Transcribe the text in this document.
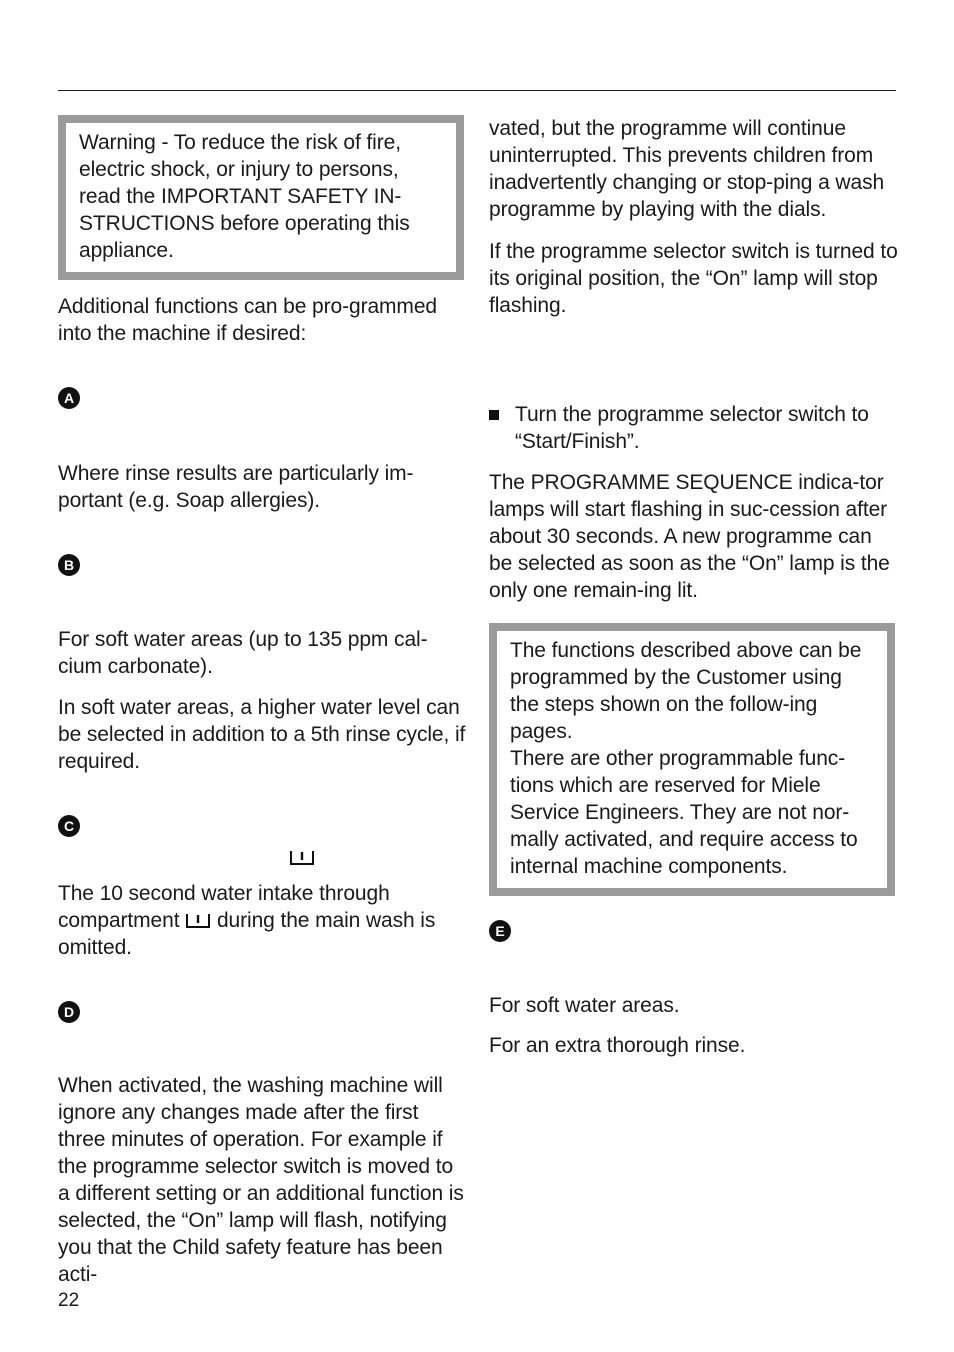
Warning - To reduce the risk of fire, electric shock, or injury to persons, read the IMPORTANT SAFETY IN-STRUCTIONS before operating this appliance.

Additional functions can be pro-grammed into the machine if desired:

A

Where rinse results are particularly im-portant (e.g. Soap allergies).

B

For soft water areas (up to 135 ppm cal-cium carbonate).

In soft water areas, a higher water level can be selected in addition to a 5th rinse cycle, if required.

C

The 10 second water intake through compartment during the main wash is omitted.

D

When activated, the washing machine will ignore any changes made after the first three minutes of operation. For example if the programme selector switch is moved to a different setting or an additional function is selected, the “On” lamp will flash, notifying you that the Child safety feature has been acti-

vated, but the programme will continue uninterrupted. This prevents children from inadvertently changing or stop-ping a wash programme by playing with the dials.

If the programme selector switch is turned to its original position, the “On” lamp will stop flashing.

Turn the programme selector switch to “Start/Finish”.

The PROGRAMME SEQUENCE indica-tor lamps will start flashing in suc-cession after about 30 seconds. A new programme can be selected as soon as the “On” lamp is the only one remain-ing lit.

The functions described above can be programmed by the Customer using the steps shown on the follow-ing pages.

There are other programmable func-tions which are reserved for Miele Service Engineers. They are not nor-mally activated, and require access to internal machine components.

E

For soft water areas.

For an extra thorough rinse.

22
